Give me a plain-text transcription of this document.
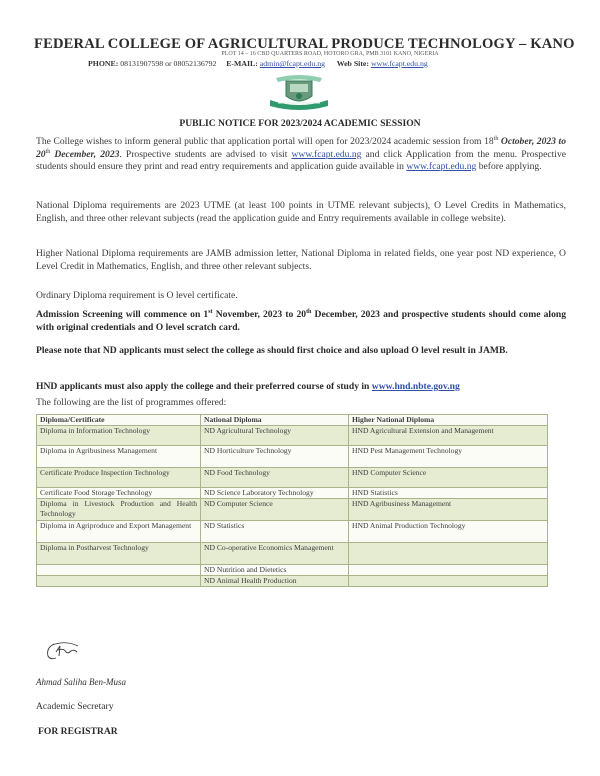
FEDERAL COLLEGE OF AGRICULTURAL PRODUCE TECHNOLOGY – KANO
PLOT 14 – 16 CBD QUARTERS ROAD, HOTORO GRA, PMB 3101 KANO, NIGERIA
PHONE: 08131907598 or 08052136792 E-MAIL: admin@fcapt.edu.ng Web Site: www.fcapt.edu.ng
PUBLIC NOTICE FOR 2023/2024 ACADEMIC SESSION

The College wishes to inform general public that application portal will open for 2023/2024 academic session from 18th October, 2023 to 20th December, 2023. Prospective students are advised to visit www.fcapt.edu.ng and click Application from the menu. Prospective students should ensure they print and read entry requirements and application guide available in www.fcapt.edu.ng before applying.

National Diploma requirements are 2023 UTME (at least 100 points in UTME relevant subjects), O Level Credits in Mathematics, English, and three other relevant subjects (read the application guide and Entry requirements available in college website).

Higher National Diploma requirements are JAMB admission letter, National Diploma in related fields, one year post ND experience, O Level Credit in Mathematics, English, and three other relevant subjects.

Ordinary Diploma requirement is O level certificate.

Admission Screening will commence on 1st November, 2023 to 20th December, 2023 and prospective students should come along with original credentials and O level scratch card.

Please note that ND applicants must select the college as should first choice and also upload O level result in JAMB.

HND applicants must also apply the college and their preferred course of study in www.hnd.nbte.gov.ng

The following are the list of programmes offered:

Diploma/Certificate	National Diploma	Higher National Diploma
Diploma in Information Technology	ND Agricultural Technology	HND Agricultural Extension and Management
Diploma in Agribusiness Management	ND Horticulture Technology	HND Pest Management Technology
Certificate Produce Inspection Technology	ND Food Technology	HND Computer Science
Certificate Food Storage Technology	ND Science Laboratory Technology	HND Statistics
Diploma in Livestock Production and Health Technology	ND Computer Science	HND Agribusiness Management
Diploma in Agriproduce and Export Management	ND Statistics	HND Animal Production Technology
Diploma in Postharvest Technology	ND Co-operative Economics Management	
	ND Nutrition and Dietetics	
	ND Animal Health Production	
Ahmad Saliha Ben-Musa
Academic Secretary
FOR REGISTRAR
